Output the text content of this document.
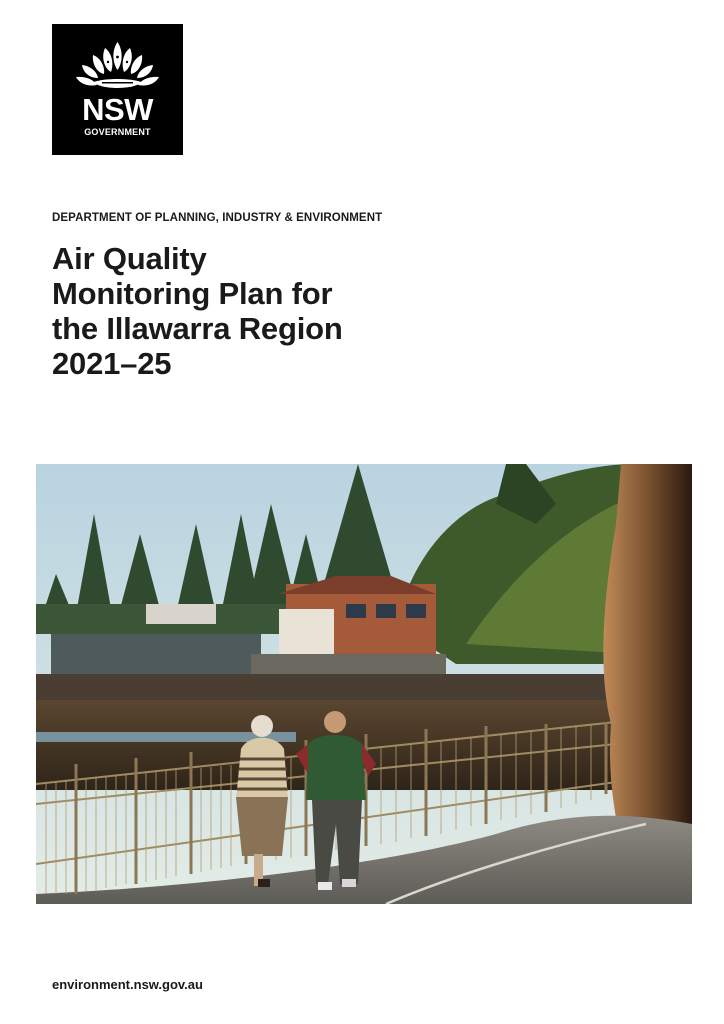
NSW
GOVERNMENT
DEPARTMENT OF PLANNING, INDUSTRY & ENVIRONMENT
Air Quality
Monitoring Plan for
the Illawarra Region
2021–25
environment.nsw.gov.au
